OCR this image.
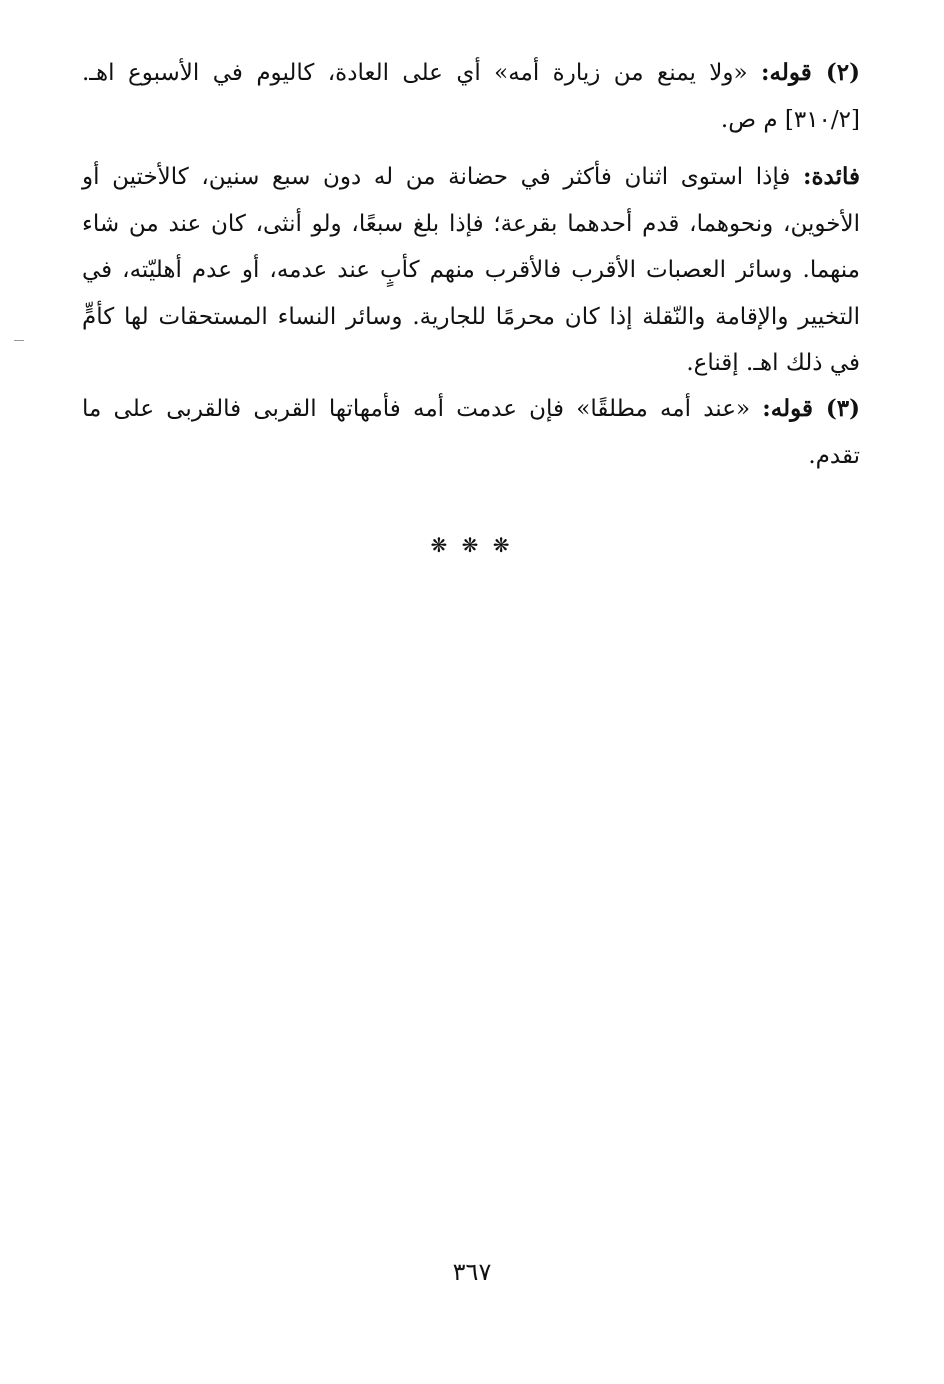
(٢) قوله: «ولا يمنع من زيارة أمه» أي على العادة، كاليوم في الأسبوع اهـ. [٣١٠/٢] م ص.
فائدة: فإذا استوى اثنان فأكثر في حضانة من له دون سبع سنين، كالأختين أو الأخوين، ونحوهما، قدم أحدهما بقرعة؛ فإذا بلغ سبعًا، ولو أنثى، كان عند من شاء منهما. وسائر العصبات الأقرب فالأقرب منهم كأبٍ عند عدمه، أو عدم أهليّته، في التخيير والإقامة والنّقلة إذا كان محرمًا للجارية. وسائر النساء المستحقات لها كأمٍّ في ذلك اهـ. إقناع.
(٣) قوله: «عند أمه مطلقًا» فإن عدمت أمه فأمهاتها القربى فالقربى على ما تقدم.
❋ ❋ ❋
٣٦٧
